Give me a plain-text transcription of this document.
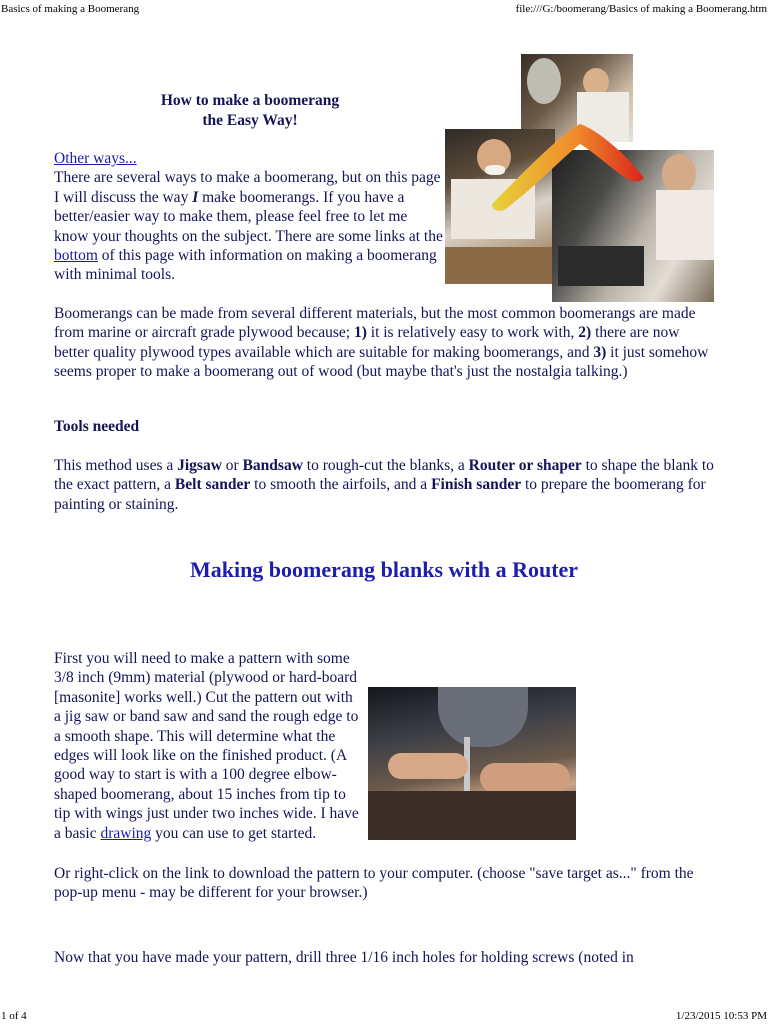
Basics of making a Boomerang	file:///G:/boomerang/Basics of making a Boomerang.htm
How to make a boomerang
the Easy Way!
Other ways...
There are several ways to make a boomerang, but on this page I will discuss the way I make boomerangs. If you have a better/easier way to make them, please feel free to let me know your thoughts on the subject. There are some links at the bottom of this page with information on making a boomerang with minimal tools.
Boomerangs can be made from several different materials, but the most common boomerangs are made from marine or aircraft grade plywood because; 1) it is relatively easy to work with, 2) there are now better quality plywood types available which are suitable for making boomerangs, and 3) it just somehow seems proper to make a boomerang out of wood (but maybe that's just the nostalgia talking.)
Tools needed
This method uses a Jigsaw or Bandsaw to rough-cut the blanks, a Router or shaper to shape the blank to the exact pattern, a Belt sander to smooth the airfoils, and a Finish sander to prepare the boomerang for painting or staining.
Making boomerang blanks with a Router
First you will need to make a pattern with some 3/8 inch (9mm) material (plywood or hard-board [masonite] works well.) Cut the pattern out with a jig saw or band saw and sand the rough edge to a smooth shape. This will determine what the edges will look like on the finished product. (A good way to start is with a 100 degree elbow-shaped boomerang, about 15 inches from tip to tip with wings just under two inches wide. I have a basic drawing you can use to get started.
Or right-click on the link to download the pattern to your computer. (choose "save target as..." from the pop-up menu - may be different for your browser.)
Now that you have made your pattern, drill three 1/16 inch holes for holding screws (noted in
1 of 4	1/23/2015 10:53 PM
